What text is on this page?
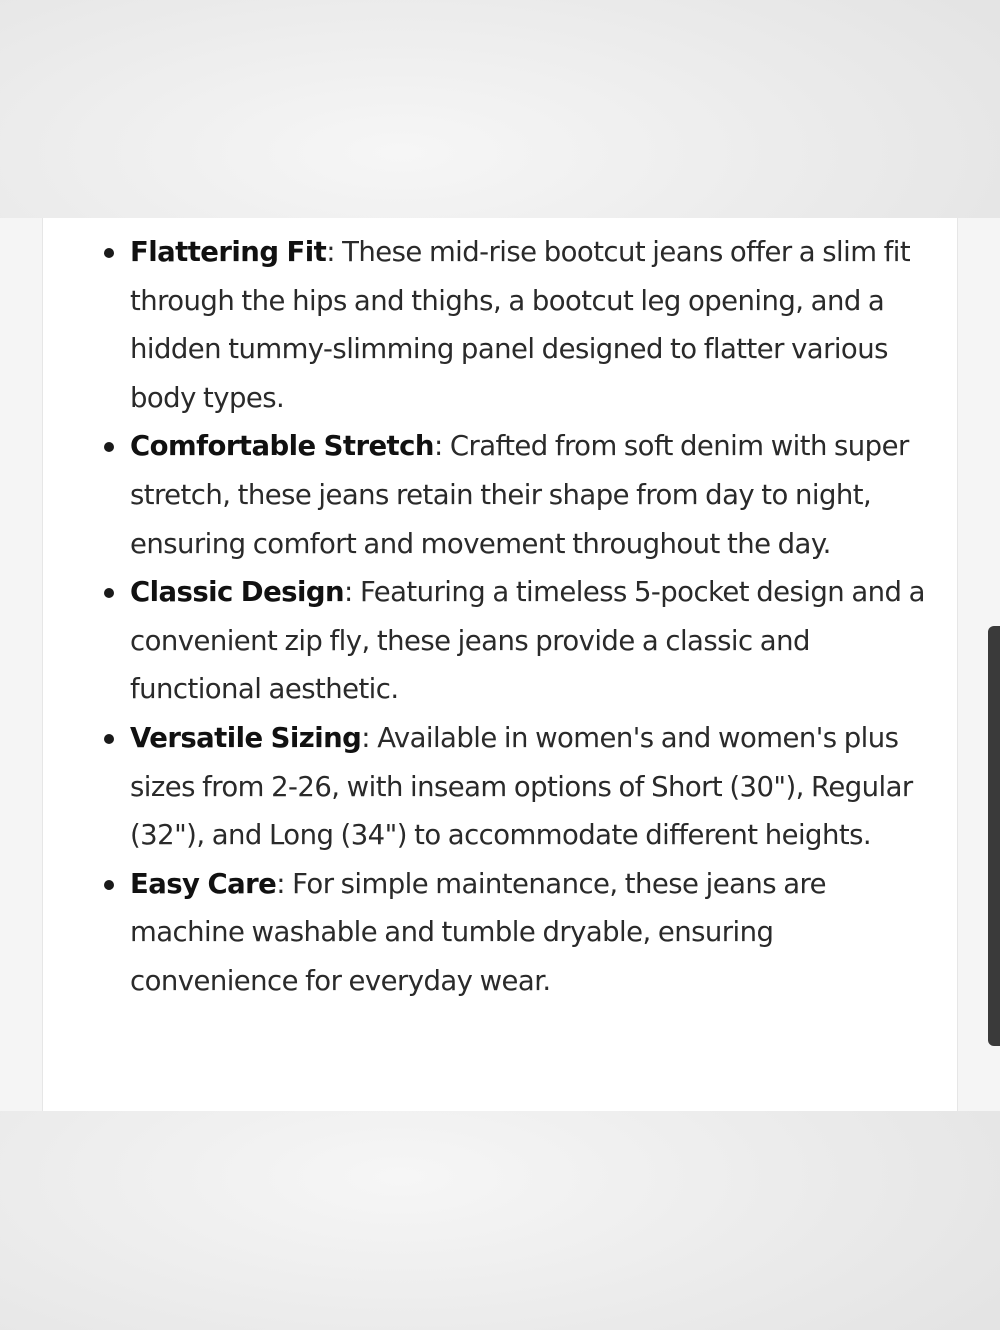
Flattering Fit: These mid-rise bootcut jeans offer a slim fit through the hips and thighs, a bootcut leg opening, and a hidden tummy-slimming panel designed to flatter various body types.
Comfortable Stretch: Crafted from soft denim with super stretch, these jeans retain their shape from day to night, ensuring comfort and movement throughout the day.
Classic Design: Featuring a timeless 5-pocket design and a convenient zip fly, these jeans provide a classic and functional aesthetic.
Versatile Sizing: Available in women's and women's plus sizes from 2-26, with inseam options of Short (30"), Regular (32"), and Long (34") to accommodate different heights.
Easy Care: For simple maintenance, these jeans are machine washable and tumble dryable, ensuring convenience for everyday wear.
